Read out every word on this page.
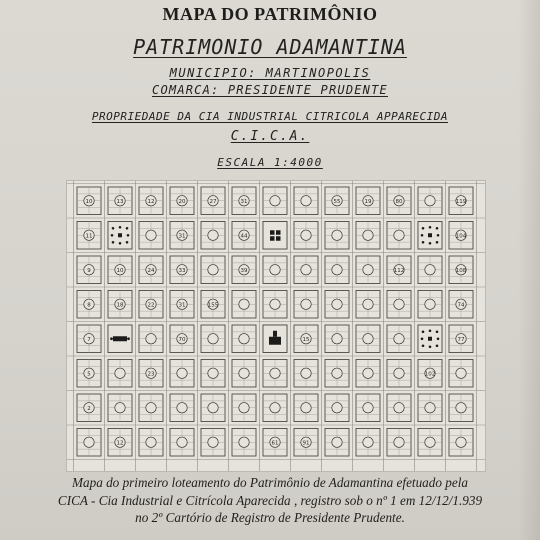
MAPA DO PATRIMÔNIO
PATRIMONIO ADAMANTINA
MUNICIPIO: MARTINOPOLIS
COMARCA: PRESIDENTE PRUDENTE
PROPRIEDADE DA CIA INDUSTRIAL CITRICOLA APPARECIDA
C.I.C.A.
ESCALA 1:4000
10	13	12	20	27	31	55	19	80	119
11	31	44	104
9	10	24	33	39	112	108
8	18	22	31	155	74
7	70	15	77
5	23	102
2
12	61	91
Mapa do primeiro loteamento do Patrimônio de Adamantina efetuado pela
CICA - Cia Industrial e Citrícola Aparecida , registro sob o nº 1 em 12/12/1.939
no 2º Cartório de Registro de Presidente Prudente.
